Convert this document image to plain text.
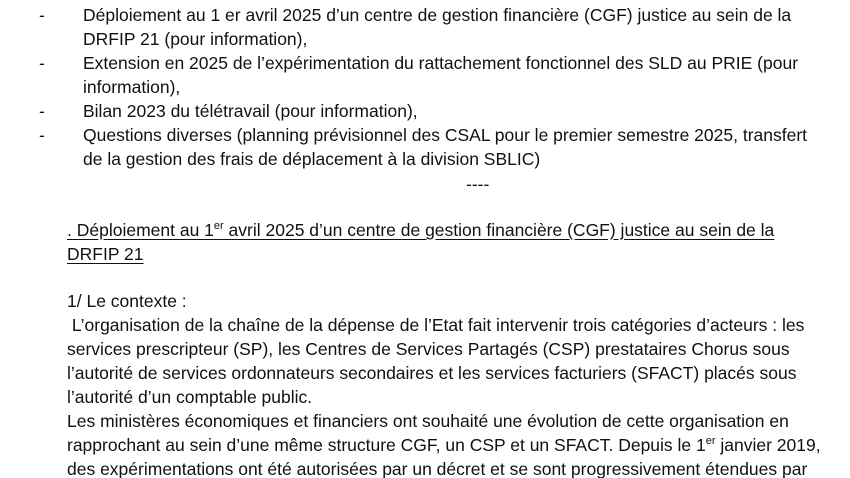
- Déploiement au 1 er avril 2025 d’un centre de gestion financière (CGF) justice au sein de la
DRFIP 21 (pour information),
- Extension en 2025 de l’expérimentation du rattachement fonctionnel des SLD au PRIE (pour
information),
- Bilan 2023 du télétravail (pour information),
- Questions diverses (planning prévisionnel des CSAL pour le premier semestre 2025, transfert
de la gestion des frais de déplacement à la division SBLIC)
----
. Déploiement au 1er avril 2025 d’un centre de gestion financière (CGF) justice au sein de la
DRFIP 21
1/ Le contexte :
L’organisation de la chaîne de la dépense de l’Etat fait intervenir trois catégories d’acteurs : les
services prescripteur (SP), les Centres de Services Partagés (CSP) prestataires Chorus sous
l’autorité de services ordonnateurs secondaires et les services facturiers (SFACT) placés sous
l’autorité d’un comptable public.
Les ministères économiques et financiers ont souhaité une évolution de cette organisation en
rapprochant au sein d’une même structure CGF, un CSP et un SFACT. Depuis le 1er janvier 2019,
des expérimentations ont été autorisées par un décret et se sont progressivement étendues par
